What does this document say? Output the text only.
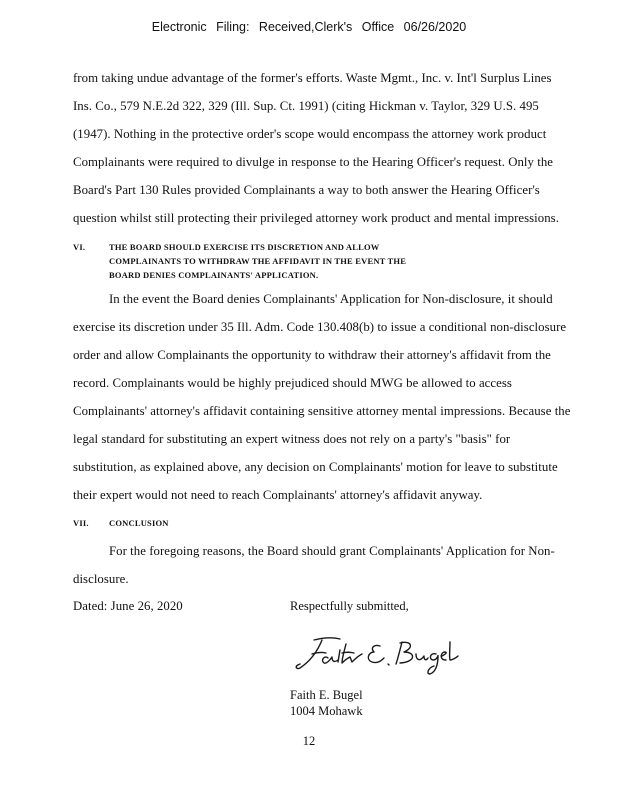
Electronic Filing: Received,Clerk's Office 06/26/2020
from taking undue advantage of the former's efforts. Waste Mgmt., Inc. v. Int'l Surplus Lines
Ins. Co., 579 N.E.2d 322, 329 (Ill. Sup. Ct. 1991) (citing Hickman v. Taylor, 329 U.S. 495
(1947). Nothing in the protective order's scope would encompass the attorney work product
Complainants were required to divulge in response to the Hearing Officer's request. Only the
Board's Part 130 Rules provided Complainants a way to both answer the Hearing Officer's
question whilst still protecting their privileged attorney work product and mental impressions.
VI.	THE BOARD SHOULD EXERCISE ITS DISCRETION AND ALLOW
COMPLAINANTS TO WITHDRAW THE AFFIDAVIT IN THE EVENT THE
BOARD DENIES COMPLAINANTS' APPLICATION.
In the event the Board denies Complainants' Application for Non-disclosure, it should
exercise its discretion under 35 Ill. Adm. Code 130.408(b) to issue a conditional non-disclosure
order and allow Complainants the opportunity to withdraw their attorney's affidavit from the
record. Complainants would be highly prejudiced should MWG be allowed to access
Complainants' attorney's affidavit containing sensitive attorney mental impressions. Because the
legal standard for substituting an expert witness does not rely on a party's "basis" for
substitution, as explained above, any decision on Complainants' motion for leave to substitute
their expert would not need to reach Complainants' attorney's affidavit anyway.
VII. CONCLUSION
For the foregoing reasons, the Board should grant Complainants' Application for Non-
disclosure.
Dated: June 26, 2020	Respectfully submitted,
Faith E. Bugel
Faith E. Bugel
1004 Mohawk
12
